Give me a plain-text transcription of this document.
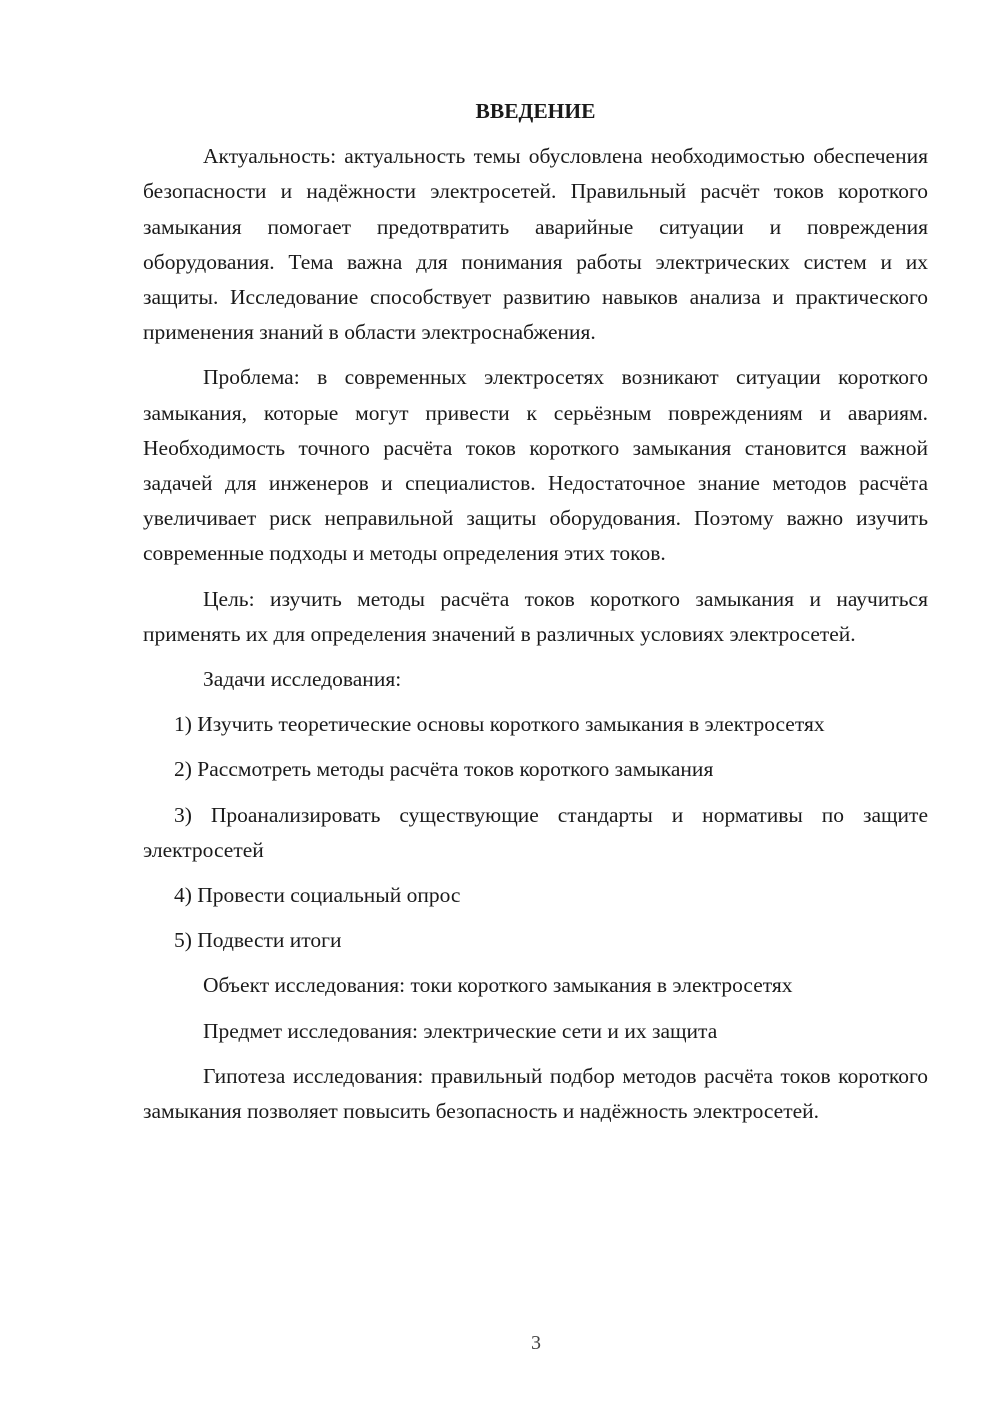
ВВЕДЕНИЕ

Актуальность: актуальность темы обусловлена необходимостью обеспечения безопасности и надёжности электросетей. Правильный расчёт токов короткого замыкания помогает предотвратить аварийные ситуации и повреждения оборудования. Тема важна для понимания работы электрических систем и их защиты. Исследование способствует развитию навыков анализа и практического применения знаний в области электроснабжения.

Проблема: в современных электросетях возникают ситуации короткого замыкания, которые могут привести к серьёзным повреждениям и авариям. Необходимость точного расчёта токов короткого замыкания становится важной задачей для инженеров и специалистов. Недостаточное знание методов расчёта увеличивает риск неправильной защиты оборудования. Поэтому важно изучить современные подходы и методы определения этих токов.

Цель: изучить методы расчёта токов короткого замыкания и научиться применять их для определения значений в различных условиях электросетей.

Задачи исследования:

1) Изучить теоретические основы короткого замыкания в электросетях

2) Рассмотреть методы расчёта токов короткого замыкания

3) Проанализировать существующие стандарты и нормативы по защите электросетей

4) Провести социальный опрос

5) Подвести итоги

Объект исследования: токи короткого замыкания в электросетях

Предмет исследования: электрические сети и их защита

Гипотеза исследования: правильный подбор методов расчёта токов короткого замыкания позволяет повысить безопасность и надёжность электросетей.

3
